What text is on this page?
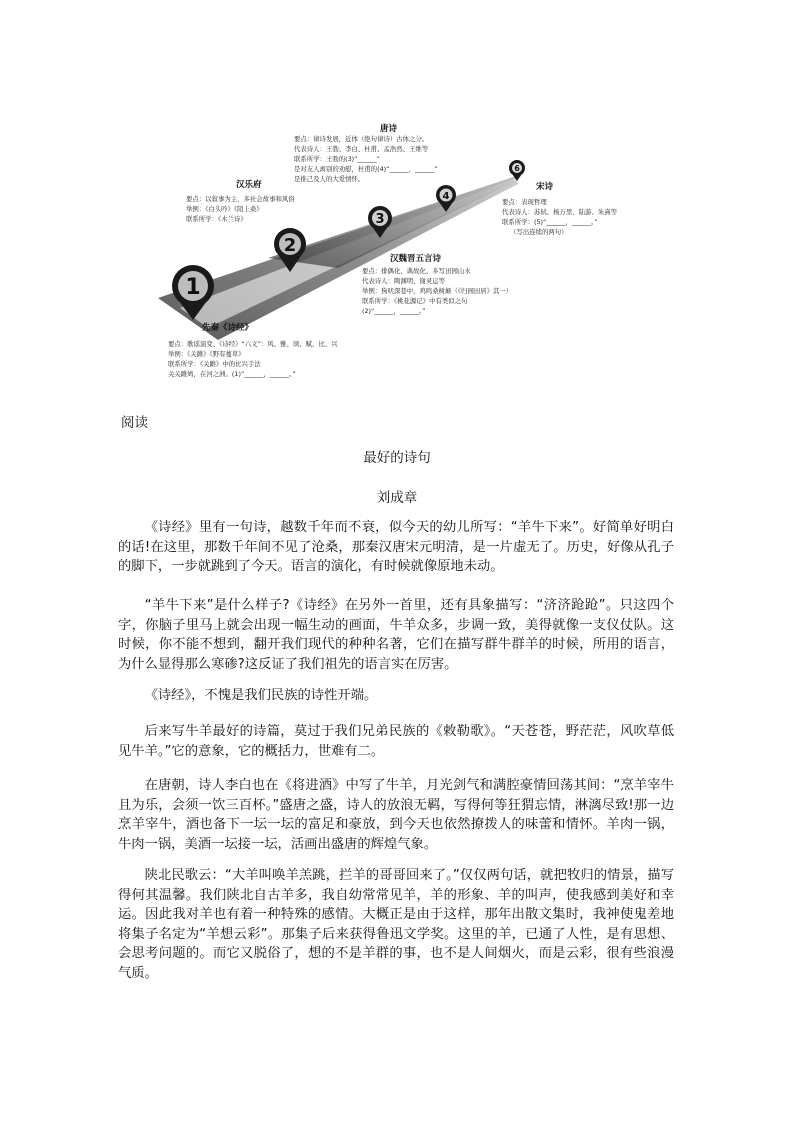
1
2
3
4
6
先秦《诗经》
要点：歌谣演变、《诗经》“六义”：风、雅、颂、赋、比、兴
举例：《关雎》《野有蔓草》
联系所学：《关雎》中的比兴手法
关关雎鸠，在河之洲。(1)“______，______。”
汉乐府
要点：以叙事为主，多社会故事和风俗
举例：《白头吟》《陌上桑》
联系所学：《木兰诗》
汉魏晋五言诗
要点：排偶化、典故化、多写田园山水
代表诗人：陶渊明、谢灵运等
举例：狗吠深巷中，鸡鸣桑树颠（《归园田居》其一）
联系所学：《桃花源记》中有类似之句
(2)“______，______。”
唐诗
要点：律诗发展，近体（绝句律诗）古体之分。
代表诗人：王勃、李白、杜甫、孟浩然、王维等
联系所学：王勃的(3)“______”
是对友人离别的劝慰，杜甫的(4)“______，______”
是推己及人的大爱情怀。
宋诗
要点：表现哲理
代表诗人：苏轼、杨万里、陆游、朱熹等
联系所学：(5)“______，______。”
（写出连续的两句）
阅读
最好的诗句
刘成章

《诗经》里有一句诗，越数千年而不衰，似今天的幼儿所写：“羊牛下来”。好简单好明白的话!在这里，那数千年间不见了沧桑，那秦汉唐宋元明清，是一片虚无了。历史，好像从孔子的脚下，一步就跳到了今天。语言的演化，有时候就像原地未动。

“羊牛下来”是什么样子?《诗经》在另外一首里，还有具象描写：“济济跄跄”。只这四个字，你脑子里马上就会出现一幅生动的画面，牛羊众多，步调一致，美得就像一支仪仗队。这时候，你不能不想到，翻开我们现代的种种名著，它们在描写群牛群羊的时候，所用的语言，为什么显得那么寒碜?这反证了我们祖先的语言实在厉害。

《诗经》，不愧是我们民族的诗性开端。

后来写牛羊最好的诗篇，莫过于我们兄弟民族的《敕勒歌》。“天苍苍，野茫茫，风吹草低见牛羊。”它的意象，它的概括力，世难有二。

在唐朝，诗人李白也在《将进酒》中写了牛羊，月光剑气和满腔豪情回荡其间：“烹羊宰牛且为乐，会须一饮三百杯。”盛唐之盛，诗人的放浪无羁，写得何等狂猬忘情，淋漓尽致!那一边烹羊宰牛，酒也备下一坛一坛的富足和豪放，到今天也依然撩拨人的味蕾和情怀。羊肉一锅，牛肉一锅，美酒一坛接一坛，活画出盛唐的辉煌气象。

陕北民歌云：“大羊叫唤羊羔跳，拦羊的哥哥回来了。”仅仅两句话，就把牧归的情景，描写得何其温馨。我们陕北自古羊多，我自幼常常见羊，羊的形象、羊的叫声，使我感到美好和幸运。因此我对羊也有着一种特殊的感情。大概正是由于这样，那年出散文集时，我神使鬼差地将集子名定为“羊想云彩”。那集子后来获得鲁迅文学奖。这里的羊，已通了人性，是有思想、会思考问题的。而它又脱俗了，想的不是羊群的事，也不是人间烟火，而是云彩，很有些浪漫气质。
